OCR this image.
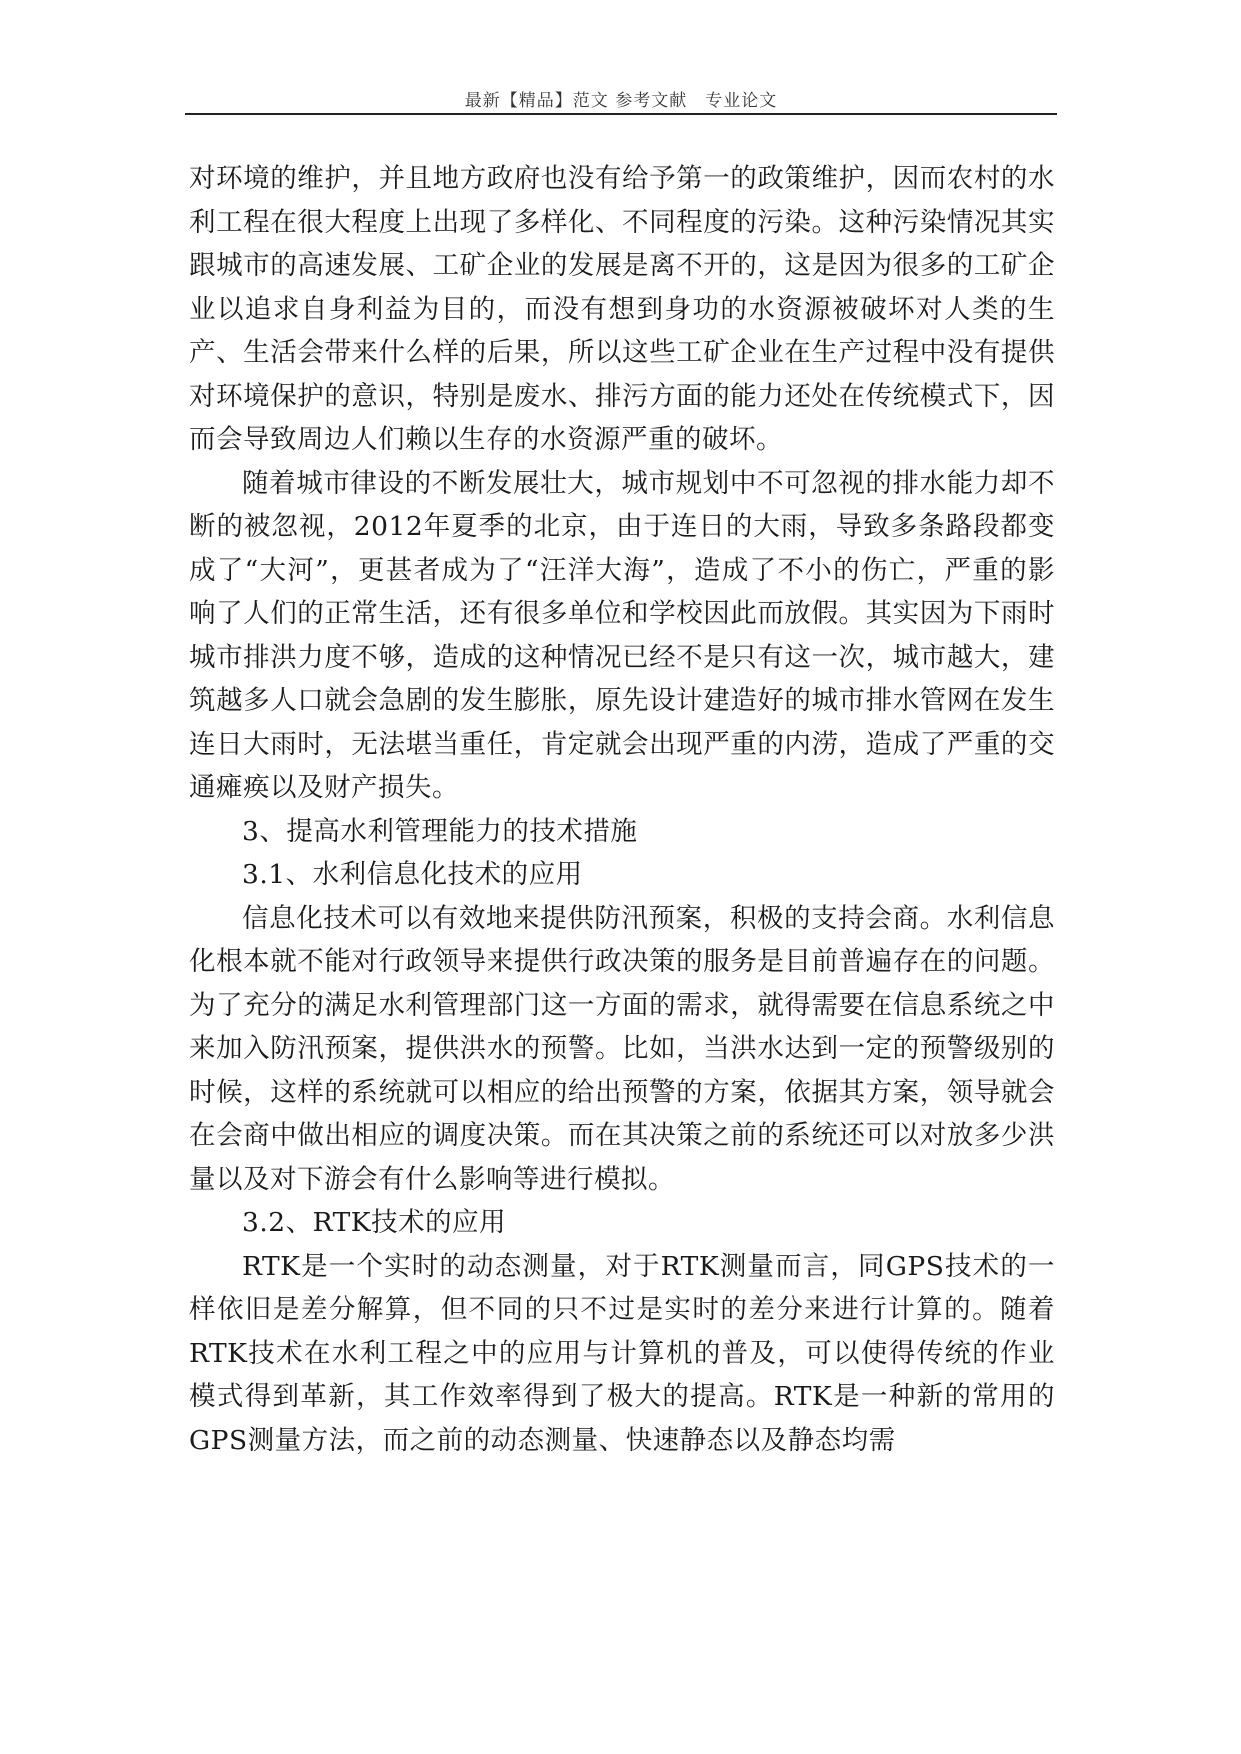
最新【精品】范文 参考文献　专业论文

对环境的维护，并且地方政府也没有给予第一的政策维护，因而农村的水利工程在很大程度上出现了多样化、不同程度的污染。这种污染情况其实跟城市的高速发展、工矿企业的发展是离不开的，这是因为很多的工矿企业以追求自身利益为目的，而没有想到身功的水资源被破坏对人类的生产、生活会带来什么样的后果，所以这些工矿企业在生产过程中没有提供对环境保护的意识，特别是废水、排污方面的能力还处在传统模式下，因而会导致周边人们赖以生存的水资源严重的破坏。

随着城市律设的不断发展壮大，城市规划中不可忽视的排水能力却不断的被忽视，2012年夏季的北京，由于连日的大雨，导致多条路段都变成了“大河”，更甚者成为了“汪洋大海”，造成了不小的伤亡，严重的影响了人们的正常生活，还有很多单位和学校因此而放假。其实因为下雨时城市排洪力度不够，造成的这种情况已经不是只有这一次，城市越大，建筑越多人口就会急剧的发生膨胀，原先设计建造好的城市排水管网在发生连日大雨时，无法堪当重任，肯定就会出现严重的内涝，造成了严重的交通瘫痪以及财产损失。

3、提高水利管理能力的技术措施

3.1、水利信息化技术的应用

信息化技术可以有效地来提供防汛预案，积极的支持会商。水利信息化根本就不能对行政领导来提供行政决策的服务是目前普遍存在的问题。为了充分的满足水利管理部门这一方面的需求，就得需要在信息系统之中来加入防汛预案，提供洪水的预警。比如，当洪水达到一定的预警级别的时候，这样的系统就可以相应的给出预警的方案，依据其方案，领导就会在会商中做出相应的调度决策。而在其决策之前的系统还可以对放多少洪量以及对下游会有什么影响等进行模拟。

3.2、RTK技术的应用

RTK是一个实时的动态测量，对于RTK测量而言，同GPS技术的一样依旧是差分解算，但不同的只不过是实时的差分来进行计算的。随着RTK技术在水利工程之中的应用与计算机的普及，可以使得传统的作业模式得到革新，其工作效率得到了极大的提高。RTK是一种新的常用的GPS测量方法，而之前的动态测量、快速静态以及静态均需
